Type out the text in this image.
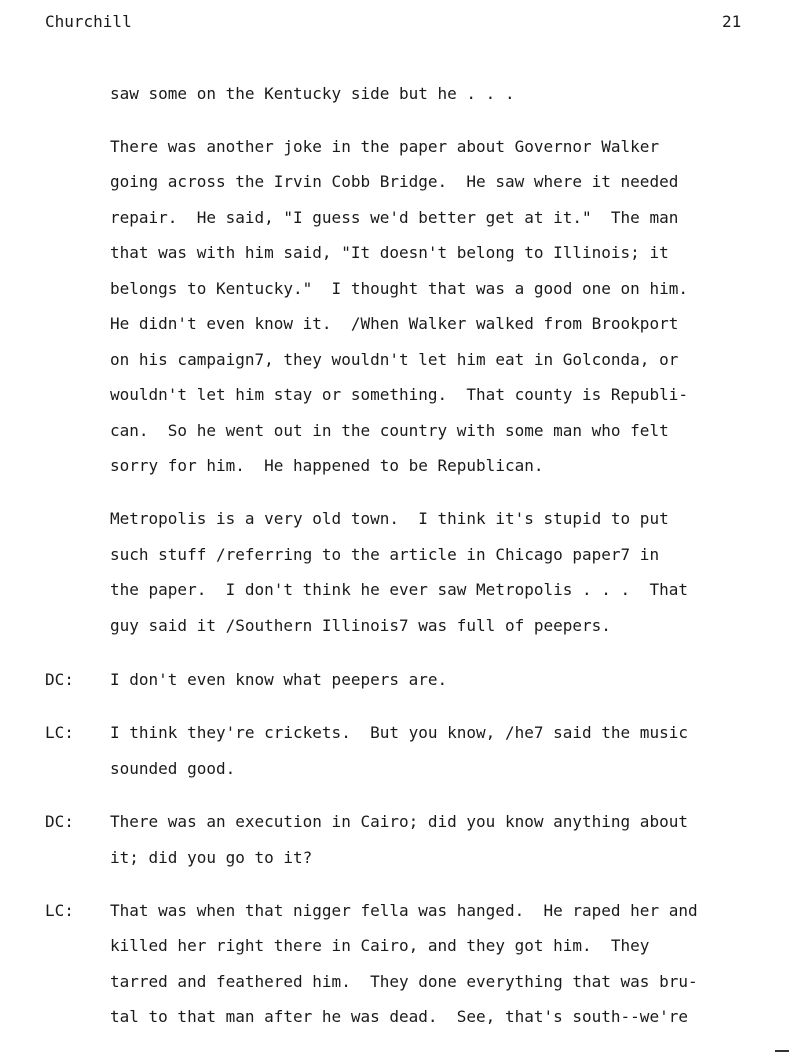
Churchill	21
saw some on the Kentucky side but he . . .
There was another joke in the paper about Governor Walker
going across the Irvin Cobb Bridge.  He saw where it needed
repair.  He said, "I guess we'd better get at it."  The man
that was with him said, "It doesn't belong to Illinois; it
belongs to Kentucky."  I thought that was a good one on him.
He didn't even know it.  /When Walker walked from Brookport
on his campaign7, they wouldn't let him eat in Golconda, or
wouldn't let him stay or something.  That county is Republi-
can.  So he went out in the country with some man who felt
sorry for him.  He happened to be Republican.
Metropolis is a very old town.  I think it's stupid to put
such stuff /referring to the article in Chicago paper7 in
the paper.  I don't think he ever saw Metropolis . . .  That
guy said it /Southern Illinois7 was full of peepers.
DC: I don't even know what peepers are.
LC: I think they're crickets.  But you know, /he7 said the music
sounded good.
DC: There was an execution in Cairo; did you know anything about
it; did you go to it?
LC: That was when that nigger fella was hanged.  He raped her and
killed her right there in Cairo, and they got him.  They
tarred and feathered him.  They done everything that was bru-
tal to that man after he was dead.  See, that's south--we're
